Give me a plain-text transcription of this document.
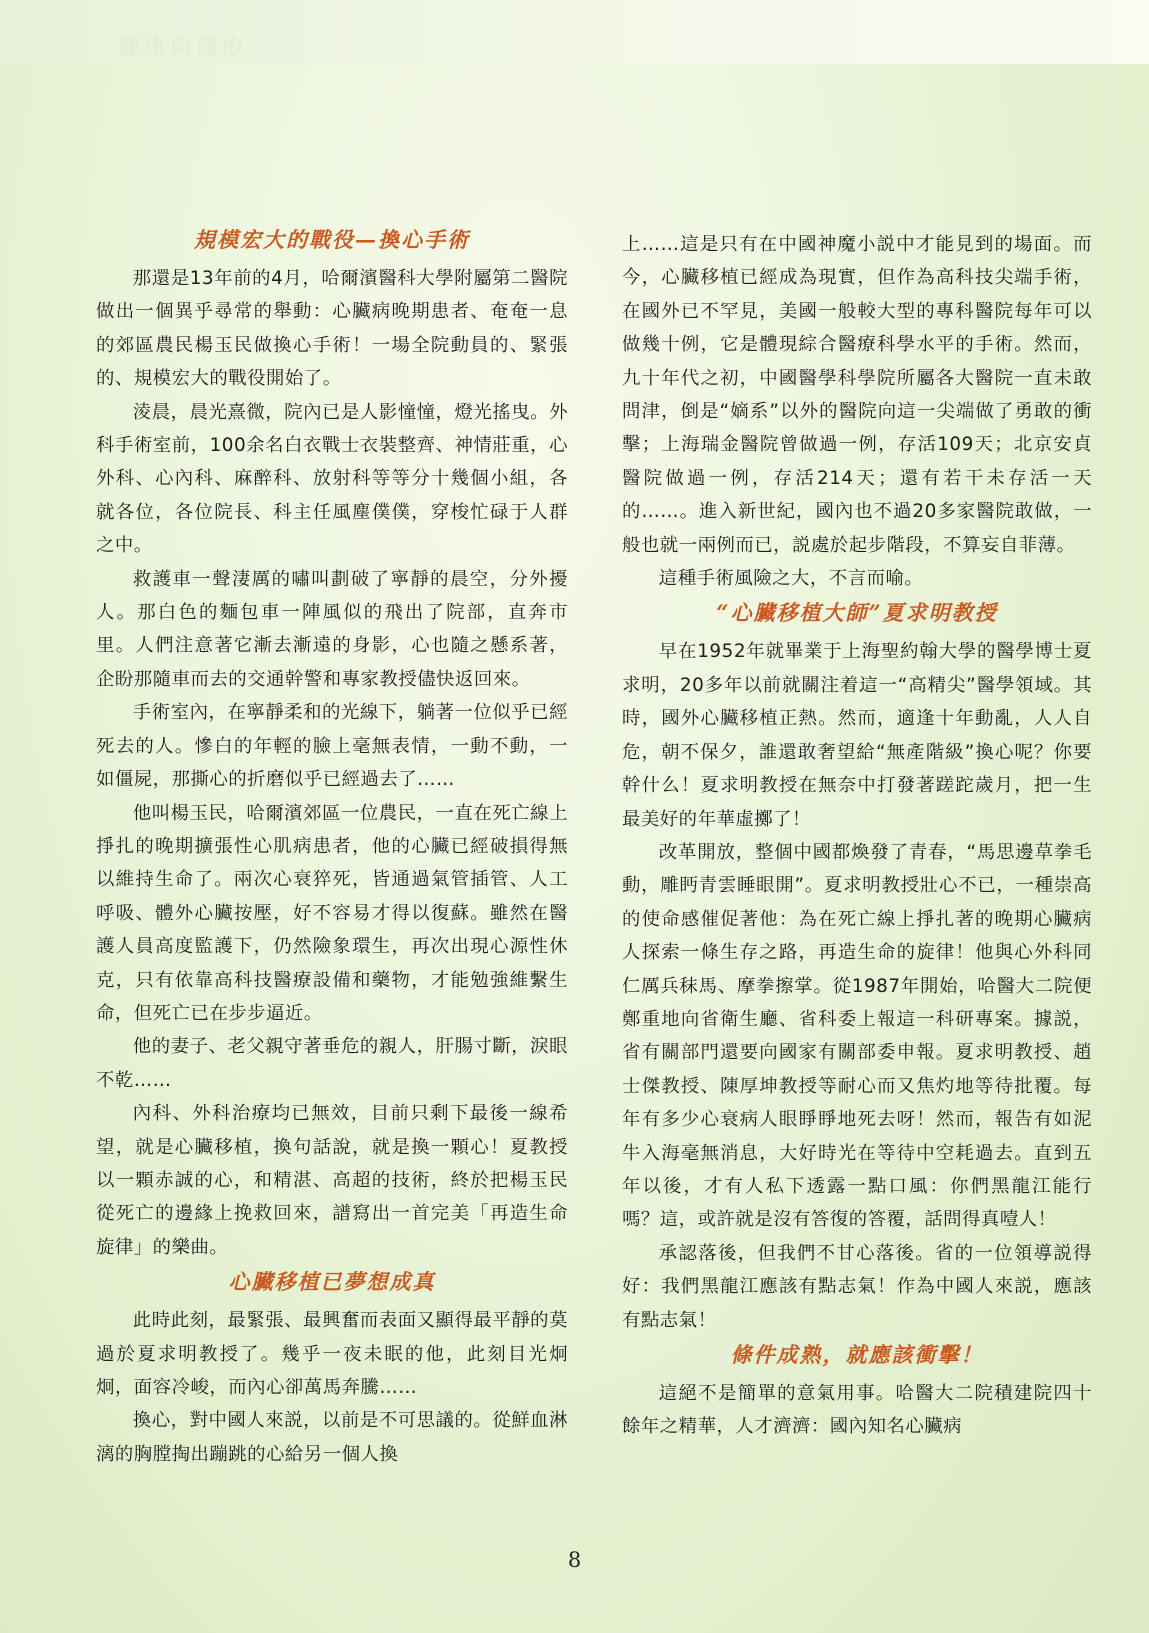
健康與醫療
規模宏大的戰役—換心手術

那還是13年前的4月，哈爾濱醫科大學附屬第二醫院做出一個異乎尋常的舉動：心臟病晚期患者、奄奄一息的郊區農民楊玉民做換心手術！一場全院動員的、緊張的、規模宏大的戰役開始了。

淩晨，晨光熹微，院內已是人影憧憧，燈光搖曳。外科手術室前，100余名白衣戰士衣裝整齊、神情莊重，心外科、心內科、麻醉科、放射科等等分十幾個小組，各就各位，各位院長、科主任風塵僕僕，穿梭忙碌于人群之中。

救護車一聲淒厲的嘯叫劃破了寧靜的晨空，分外擾人。那白色的麵包車一陣風似的飛出了院部，直奔市里。人們注意著它漸去漸遠的身影，心也隨之懸系著，企盼那隨車而去的交通幹警和專家教授儘快返回來。

手術室內，在寧靜柔和的光線下，躺著一位似乎已經死去的人。慘白的年輕的臉上毫無表情，一動不動，一如僵屍，那撕心的折磨似乎已經過去了……

他叫楊玉民，哈爾濱郊區一位農民，一直在死亡線上掙扎的晚期擴張性心肌病患者，他的心臟已經破損得無以維持生命了。兩次心衰猝死，皆通過氣管插管、人工呼吸、體外心臟按壓，好不容易才得以復蘇。雖然在醫護人員高度監護下，仍然險象環生，再次出現心源性休克，只有依靠高科技醫療設備和藥物，才能勉強維繫生命，但死亡已在步步逼近。

他的妻子、老父親守著垂危的親人，肝腸寸斷，淚眼不乾……

內科、外科治療均已無效，目前只剩下最後一線希望，就是心臟移植，換句話說，就是換一顆心！夏教授以一顆赤誠的心，和精湛、高超的技術，終於把楊玉民從死亡的邊緣上挽救回來，譜寫出一首完美「再造生命旋律」的樂曲。

心臟移植已夢想成真

此時此刻，最緊張、最興奮而表面又顯得最平靜的莫過於夏求明教授了。幾乎一夜未眠的他，此刻目光炯炯，面容冷峻，而內心卻萬馬奔騰……

換心，對中國人來説，以前是不可思議的。從鮮血淋漓的胸膛掏出蹦跳的心給另一個人換

上……這是只有在中國神魔小説中才能見到的場面。而今，心臟移植已經成為現實，但作為高科技尖端手術，在國外已不罕見，美國一般較大型的專科醫院每年可以做幾十例，它是體現綜合醫療科學水平的手術。然而，九十年代之初，中國醫學科學院所屬各大醫院一直未敢問津，倒是“嫡系”以外的醫院向這一尖端做了勇敢的衝擊；上海瑞金醫院曾做過一例，存活109天；北京安貞醫院做過一例，存活214天；還有若干未存活一天的……。進入新世紀，國內也不過20多家醫院敢做，一般也就一兩例而已，説處於起步階段，不算妄自菲薄。

這種手術風險之大，不言而喻。

“心臟移植大師”夏求明教授

早在1952年就畢業于上海聖約翰大學的醫學博士夏求明，20多年以前就關注着這一“高精尖”醫學領域。其時，國外心臟移植正熱。然而，適逢十年動亂，人人自危，朝不保夕，誰還敢奢望給“無產階級”換心呢？你要幹什么！夏求明教授在無奈中打發著蹉跎歲月，把一生最美好的年華虛擲了！

改革開放，整個中國都煥發了青春，“馬思邊草拳毛動，雕眄青雲睡眼開”。夏求明教授壯心不已，一種崇高的使命感催促著他：為在死亡線上掙扎著的晚期心臟病人探索一條生存之路，再造生命的旋律！他與心外科同仁厲兵秣馬、摩拳擦掌。從1987年開始，哈醫大二院便鄭重地向省衛生廳、省科委上報這一科研專案。據説，省有關部門還要向國家有關部委申報。夏求明教授、趙士傑教授、陳厚坤教授等耐心而又焦灼地等待批覆。每年有多少心衰病人眼睜睜地死去呀！然而，報告有如泥牛入海毫無消息，大好時光在等待中空耗過去。直到五年以後，才有人私下透露一點口風：你們黑龍江能行嗎？這，或許就是沒有答復的答覆，話問得真噎人！

承認落後，但我們不甘心落後。省的一位領導説得好：我們黑龍江應該有點志氣！作為中國人來説，應該有點志氣！

條件成熟，就應該衝擊！

這絕不是簡單的意氣用事。哈醫大二院積建院四十餘年之精華，人才濟濟：國內知名心臟病

8
